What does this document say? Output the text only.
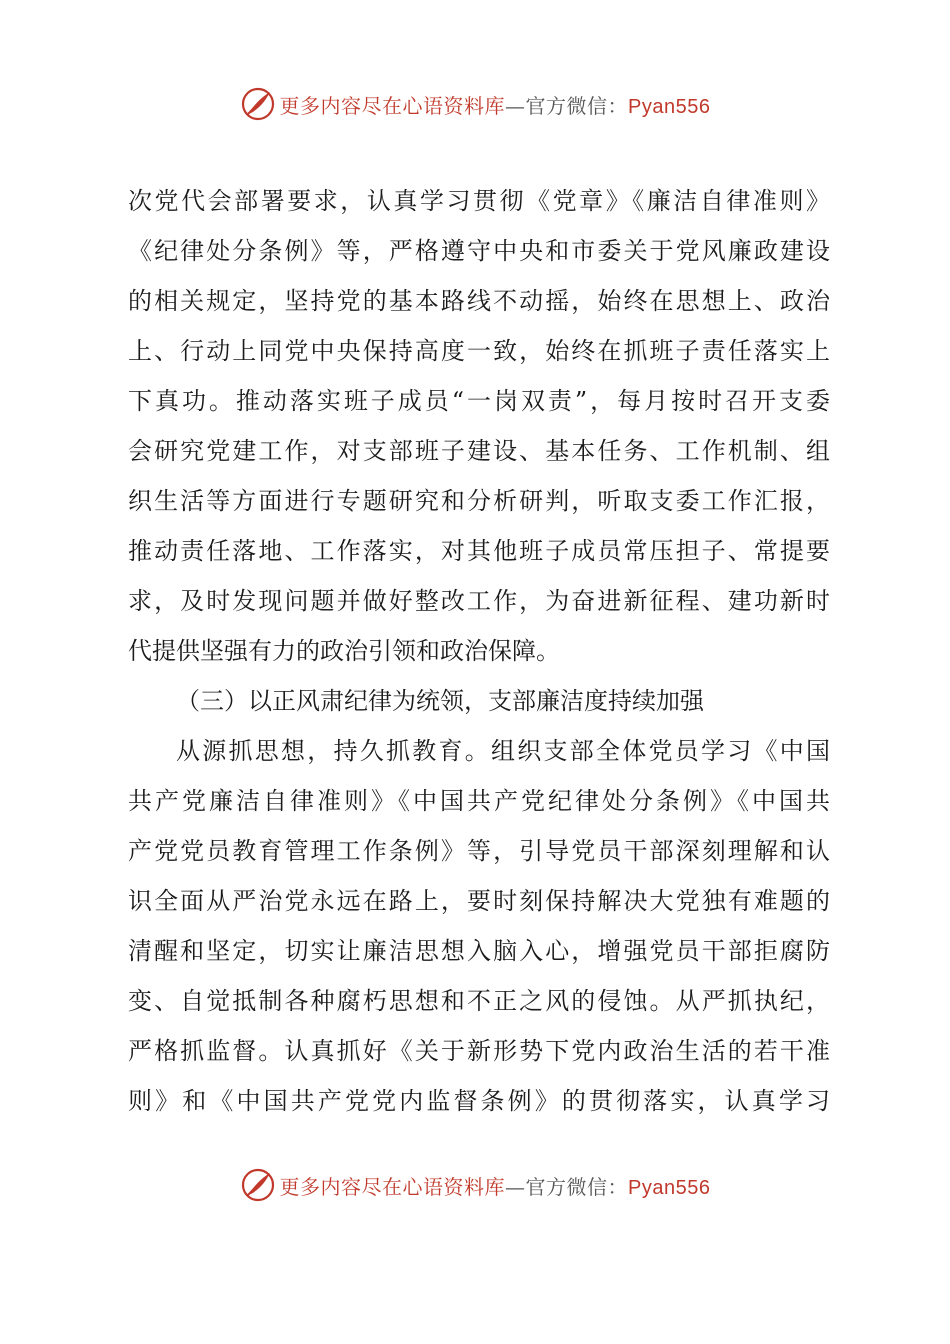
更多内容尽在心语资料库—官方微信：Pyan556
次党代会部署要求，认真学习贯彻《党章》《廉洁自律准则》
《纪律处分条例》等，严格遵守中央和市委关于党风廉政建设
的相关规定，坚持党的基本路线不动摇，始终在思想上、政治
上、行动上同党中央保持高度一致，始终在抓班子责任落实上
下真功。推动落实班子成员“一岗双责”，每月按时召开支委
会研究党建工作，对支部班子建设、基本任务、工作机制、组
织生活等方面进行专题研究和分析研判，听取支委工作汇报，
推动责任落地、工作落实，对其他班子成员常压担子、常提要
求，及时发现问题并做好整改工作，为奋进新征程、建功新时
代提供坚强有力的政治引领和政治保障。
（三）以正风肃纪律为统领，支部廉洁度持续加强
从源抓思想，持久抓教育。组织支部全体党员学习《中国
共产党廉洁自律准则》《中国共产党纪律处分条例》《中国共
产党党员教育管理工作条例》等，引导党员干部深刻理解和认
识全面从严治党永远在路上，要时刻保持解决大党独有难题的
清醒和坚定，切实让廉洁思想入脑入心，增强党员干部拒腐防
变、自觉抵制各种腐朽思想和不正之风的侵蚀。从严抓执纪，
严格抓监督。认真抓好《关于新形势下党内政治生活的若干准
则》和《中国共产党党内监督条例》的贯彻落实，认真学习
更多内容尽在心语资料库—官方微信：Pyan556
